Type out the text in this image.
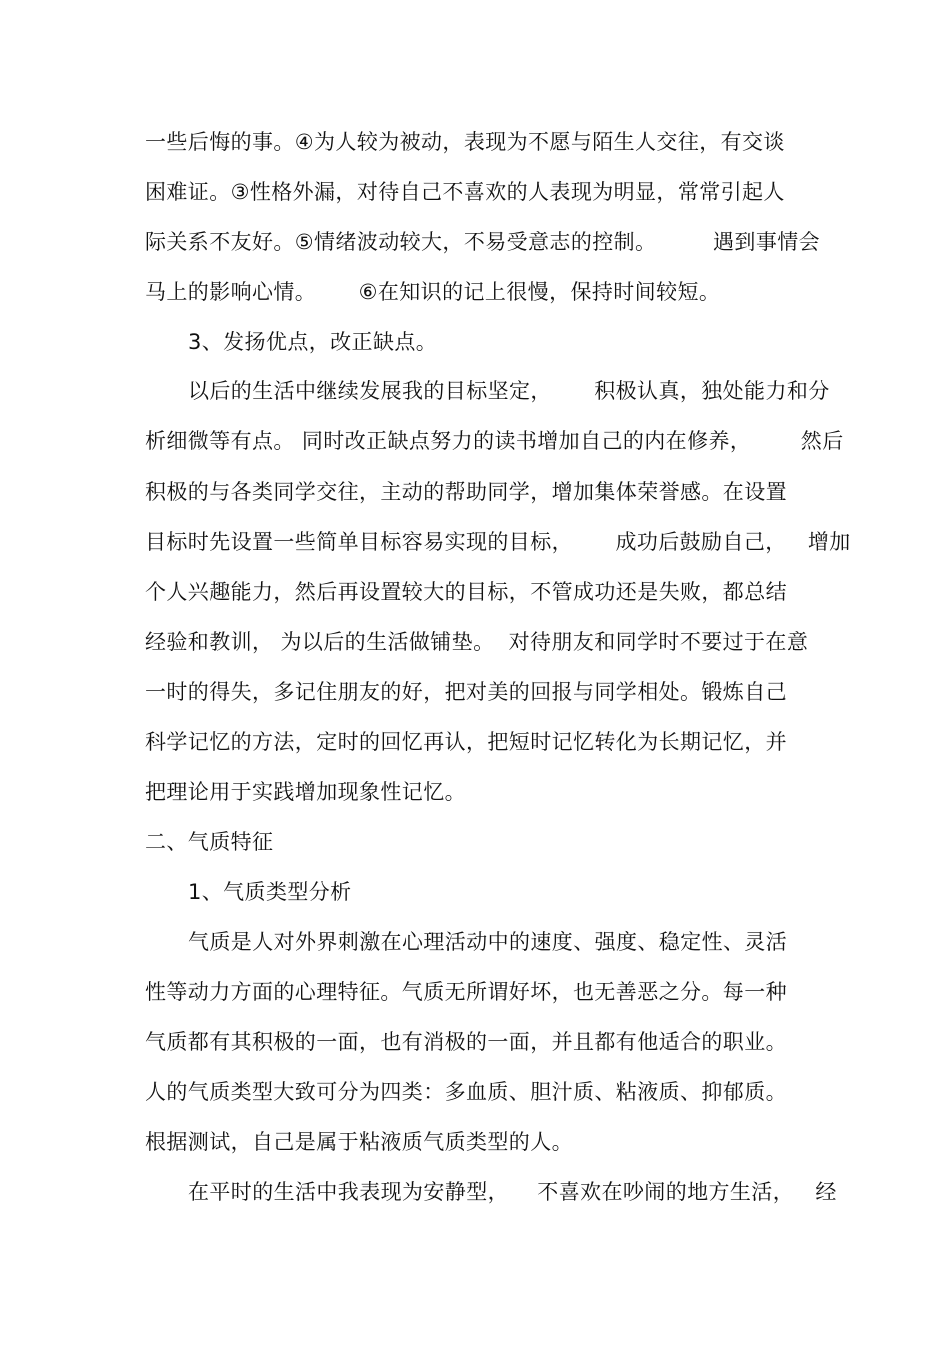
一些后悔的事。④为人较为被动，表现为不愿与陌生人交往，有交谈
困难证。③性格外漏，对待自己不喜欢的人表现为明显，常常引起人
际关系不友好。⑤情绪波动较大，不易受意志的控制。        遇到事情会
马上的影响心情。      ⑥在知识的记上很慢，保持时间较短。
3、发扬优点，改正缺点。
以后的生活中继续发展我的目标坚定，      积极认真，独处能力和分
析细微等有点。 同时改正缺点努力的读书增加自己的内在修养，       然后
积极的与各类同学交往，主动的帮助同学，增加集体荣誉感。在设置
目标时先设置一些简单目标容易实现的目标，      成功后鼓励自己，   增加
个人兴趣能力，然后再设置较大的目标，不管成功还是失败，都总结
经验和教训， 为以后的生活做铺垫。  对待朋友和同学时不要过于在意
一时的得失，多记住朋友的好，把对美的回报与同学相处。锻炼自己
科学记忆的方法，定时的回忆再认，把短时记忆转化为长期记忆，并
把理论用于实践增加现象性记忆。
二、气质特征
1、气质类型分析
气质是人对外界刺激在心理活动中的速度、强度、稳定性、灵活
性等动力方面的心理特征。气质无所谓好坏，也无善恶之分。每一种
气质都有其积极的一面，也有消极的一面，并且都有他适合的职业。
人的气质类型大致可分为四类：多血质、胆汁质、粘液质、抑郁质。
根据测试，自己是属于粘液质气质类型的人。
在平时的生活中我表现为安静型，    不喜欢在吵闹的地方生活，   经
